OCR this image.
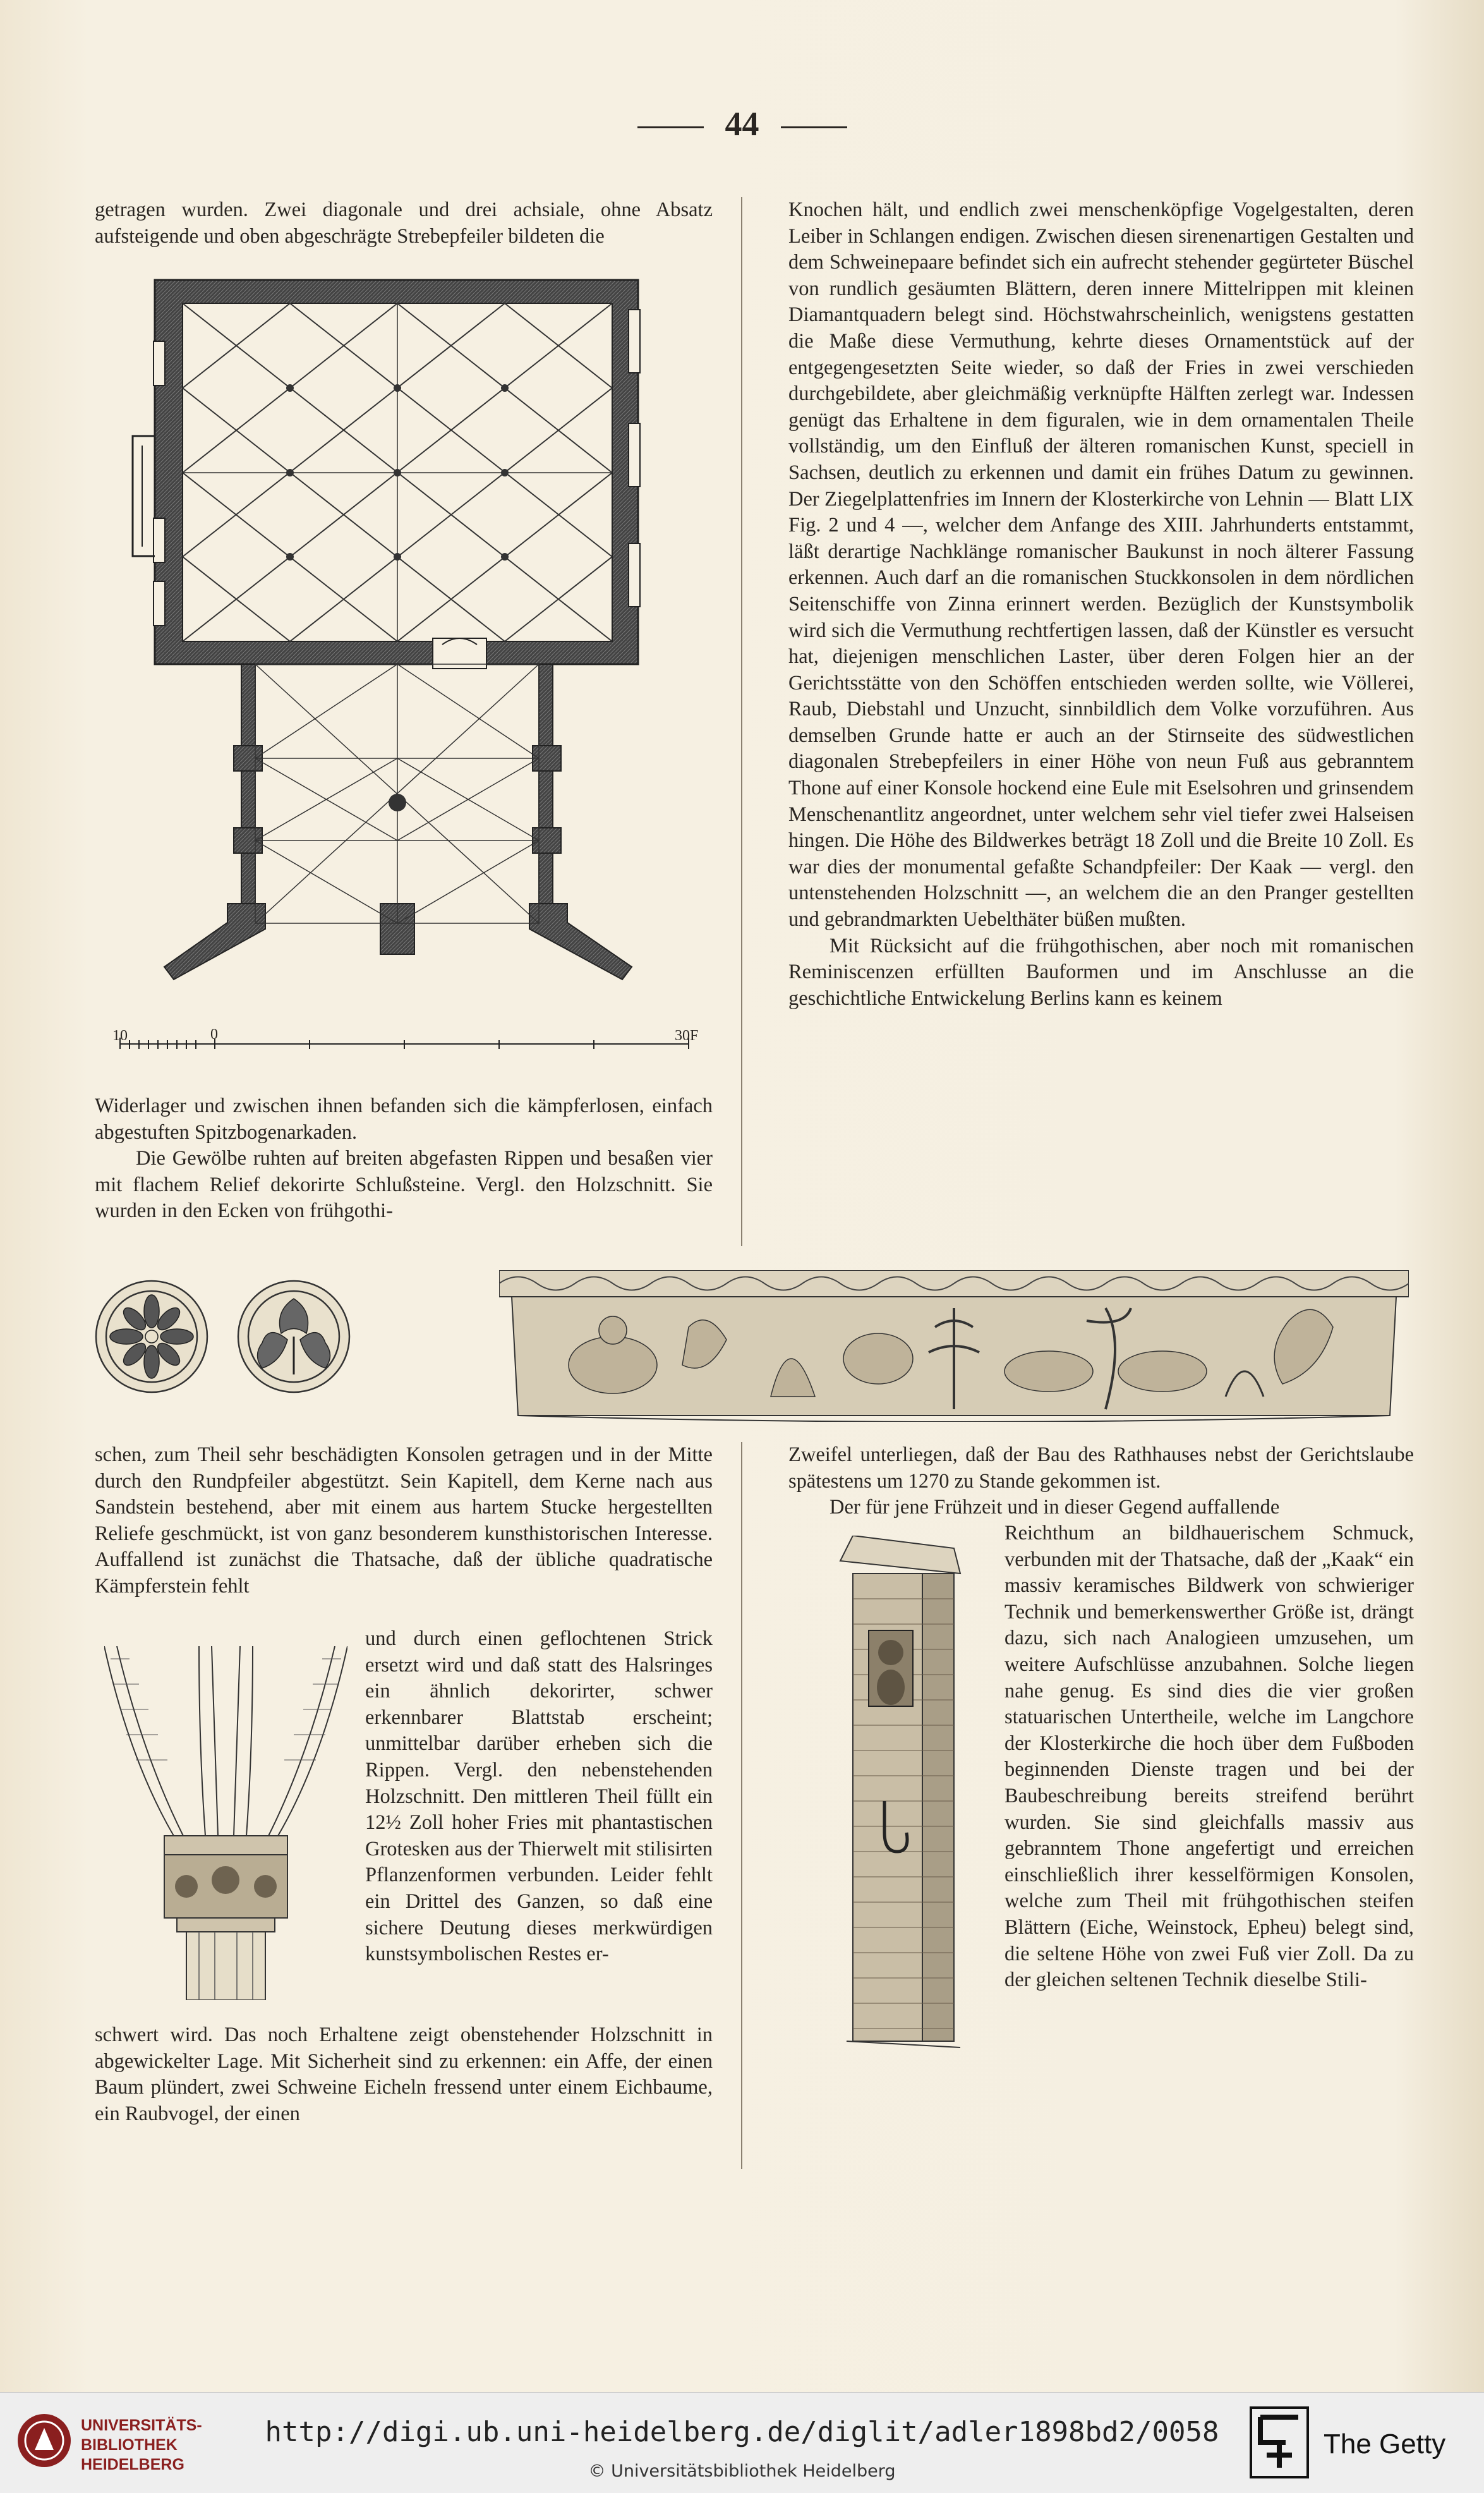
44

getragen wurden. Zwei diagonale und drei achsiale, ohne Absatz aufsteigende und oben abgeschrägte Strebepfeiler bildeten die

10	0	30F

Widerlager und zwischen ihnen befanden sich die kämpferlosen, einfach abgestuften Spitzbogenarkaden.

Die Gewölbe ruhten auf breiten abgefasten Rippen und besaßen vier mit flachem Relief dekorirte Schlußsteine. Vergl. den Holzschnitt. Sie wurden in den Ecken von frühgothi-

Knochen hält, und endlich zwei menschenköpfige Vogelgestalten, deren Leiber in Schlangen endigen. Zwischen diesen sirenenartigen Gestalten und dem Schweinepaare befindet sich ein aufrecht stehender gegürteter Büschel von rundlich gesäumten Blättern, deren innere Mittelrippen mit kleinen Diamantquadern belegt sind. Höchstwahrscheinlich, wenigstens gestatten die Maße diese Vermuthung, kehrte dieses Ornamentstück auf der entgegengesetzten Seite wieder, so daß der Fries in zwei verschieden durchgebildete, aber gleichmäßig verknüpfte Hälften zerlegt war. Indessen genügt das Erhaltene in dem figuralen, wie in dem ornamentalen Theile vollständig, um den Einfluß der älteren romanischen Kunst, speciell in Sachsen, deutlich zu erkennen und damit ein frühes Datum zu gewinnen. Der Ziegelplattenfries im Innern der Klosterkirche von Lehnin — Blatt LIX Fig. 2 und 4 —, welcher dem Anfange des XIII. Jahrhunderts entstammt, läßt derartige Nachklänge romanischer Baukunst in noch älterer Fassung erkennen. Auch darf an die romanischen Stuckkonsolen in dem nördlichen Seitenschiffe von Zinna erinnert werden. Bezüglich der Kunstsymbolik wird sich die Vermuthung rechtfertigen lassen, daß der Künstler es versucht hat, diejenigen menschlichen Laster, über deren Folgen hier an der Gerichtsstätte von den Schöffen entschieden werden sollte, wie Völlerei, Raub, Diebstahl und Unzucht, sinnbildlich dem Volke vorzuführen. Aus demselben Grunde hatte er auch an der Stirnseite des südwestlichen diagonalen Strebepfeilers in einer Höhe von neun Fuß aus gebranntem Thone auf einer Konsole hockend eine Eule mit Eselsohren und grinsendem Menschenantlitz angeordnet, unter welchem sehr viel tiefer zwei Halseisen hingen. Die Höhe des Bildwerkes beträgt 18 Zoll und die Breite 10 Zoll. Es war dies der monumental gefaßte Schandpfeiler: Der Kaak — vergl. den untenstehenden Holzschnitt —, an welchem die an den Pranger gestellten und gebrandmarkten Uebelthäter büßen mußten.

Mit Rücksicht auf die frühgothischen, aber noch mit romanischen Reminiscenzen erfüllten Bauformen und im Anschlusse an die geschichtliche Entwickelung Berlins kann es keinem

schen, zum Theil sehr beschädigten Konsolen getragen und in der Mitte durch den Rundpfeiler abgestützt. Sein Kapitell, dem Kerne nach aus Sandstein bestehend, aber mit einem aus hartem Stucke hergestellten Reliefe geschmückt, ist von ganz besonderem kunsthistorischen Interesse. Auffallend ist zunächst die Thatsache, daß der übliche quadratische Kämpferstein fehlt

und durch einen geflochtenen Strick ersetzt wird und daß statt des Halsringes ein ähnlich dekorirter, schwer erkennbarer Blattstab erscheint; unmittelbar darüber erheben sich die Rippen. Vergl. den nebenstehenden Holzschnitt. Den mittleren Theil füllt ein 12½ Zoll hoher Fries mit phantastischen Grotesken aus der Thierwelt mit stilisirten Pflanzenformen verbunden. Leider fehlt ein Drittel des Ganzen, so daß eine sichere Deutung dieses merkwürdigen kunstsymbolischen Restes er-

schwert wird. Das noch Erhaltene zeigt obenstehender Holzschnitt in abgewickelter Lage. Mit Sicherheit sind zu erkennen: ein Affe, der einen Baum plündert, zwei Schweine Eicheln fressend unter einem Eichbaume, ein Raubvogel, der einen

Zweifel unterliegen, daß der Bau des Rathhauses nebst der Gerichtslaube spätestens um 1270 zu Stande gekommen ist.

Der für jene Frühzeit und in dieser Gegend auffallende

Reichthum an bildhauerischem Schmuck, verbunden mit der Thatsache, daß der „Kaak“ ein massiv keramisches Bildwerk von schwieriger Technik und bemerkenswerther Größe ist, drängt dazu, sich nach Analogieen umzusehen, um weitere Aufschlüsse anzubahnen. Solche liegen nahe genug. Es sind dies die vier großen statuarischen Untertheile, welche im Langchore der Klosterkirche die hoch über dem Fußboden beginnenden Dienste tragen und bei der Baubeschreibung bereits streifend berührt wurden. Sie sind gleichfalls massiv aus gebranntem Thone angefertigt und erreichen einschließlich ihrer kesselförmigen Konsolen, welche zum Theil mit frühgothischen steifen Blättern (Eiche, Weinstock, Epheu) belegt sind, die seltene Höhe von zwei Fuß vier Zoll. Da zu der gleichen seltenen Technik dieselbe Stili-

UNIVERSITÄTS-
BIBLIOTHEK
HEIDELBERG
http://digi.ub.uni-heidelberg.de/diglit/adler1898bd2/0058
© Universitätsbibliothek Heidelberg
The Getty
